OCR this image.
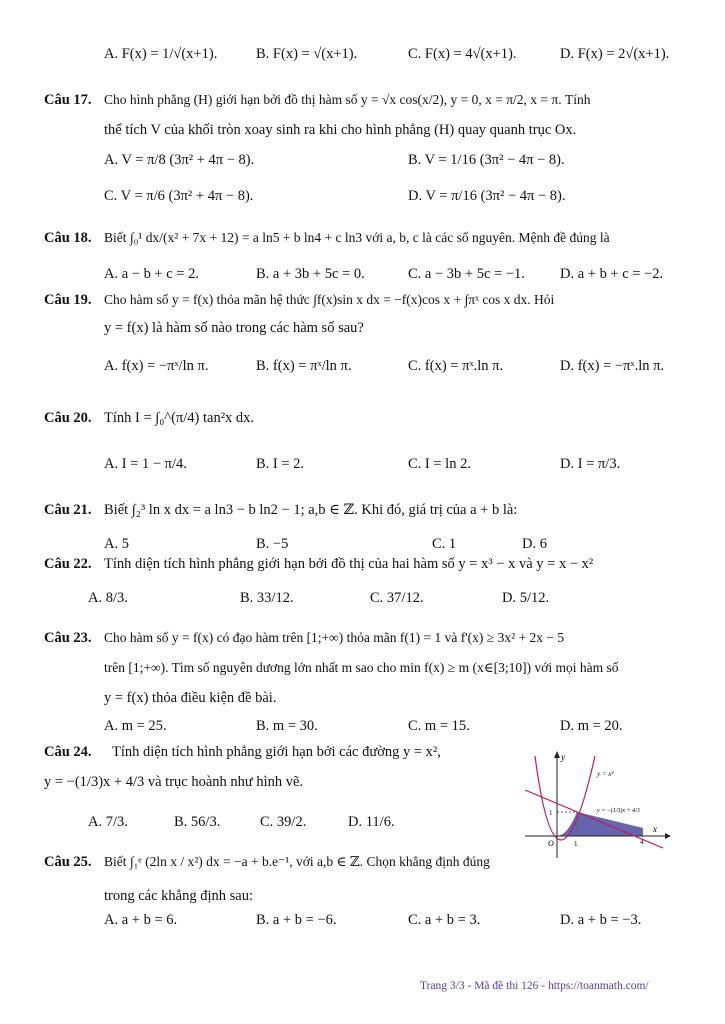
A. F(x) = 1/√(x+1).	B. F(x) = √(x+1).	C. F(x) = 4√(x+1).	D. F(x) = 2√(x+1).
Câu 17. Cho hình phẳng (H) giới hạn bởi đồ thị hàm số y = √x cos(x/2), y = 0, x = π/2, x = π. Tính
thể tích V của khối tròn xoay sinh ra khi cho hình phẳng (H) quay quanh trục Ox.
A. V = π/8 (3π² + 4π − 8).	B. V = 1/16 (3π² − 4π − 8).
C. V = π/6 (3π² + 4π − 8).	D. V = π/16 (3π² − 4π − 8).
Câu 18. Biết ∫₀¹ dx/(x² + 7x + 12) = a ln5 + b ln4 + c ln3 với a, b, c là các số nguyên. Mệnh đề đúng là
A. a − b + c = 2.	B. a + 3b + 5c = 0.	C. a − 3b + 5c = −1. D. a + b + c = −2.
Câu 19. Cho hàm số y = f(x) thỏa mãn hệ thức ∫f(x)sin x dx = −f(x)cos x + ∫πˣ cos x dx. Hỏi
y = f(x) là hàm số nào trong các hàm số sau?
A. f(x) = −πˣ/ln π.	B. f(x) = πˣ/ln π.	C. f(x) = πˣ.ln π.	D. f(x) = −πˣ.ln π.
Câu 20. Tính I = ∫₀^(π/4) tan²x dx.
A. I = 1 − π/4.	B. I = 2.	C. I = ln 2.	D. I = π/3.
Câu 21. Biết ∫₂³ ln x dx = a ln3 − b ln2 − 1; a,b ∈ ℤ. Khi đó, giá trị của a + b là:
A. 5	B. −5	C. 1	D. 6
Câu 22. Tính diện tích hình phẳng giới hạn bởi đồ thị của hai hàm số y = x³ − x và y = x − x²
A. 8/3.	B. 33/12.	C. 37/12.	D. 5/12.
Câu 23. Cho hàm số y = f(x) có đạo hàm trên [1;+∞) thỏa mãn f(1) = 1 và f'(x) ≥ 3x² + 2x − 5
trên [1;+∞). Tìm số nguyên dương lớn nhất m sao cho min f(x) ≥ m (x∈[3;10]) với mọi hàm số
y = f(x) thỏa điều kiện đề bài.
A. m = 25.	B. m = 30.	C. m = 15.	D. m = 20.
Câu 24. Tính diện tích hình phẳng giới hạn bởi các đường y = x²,
y = −(1/3)x + 4/3 và trục hoành như hình vẽ.
A. 7/3.	B. 56/3.	C. 39/2.	D. 11/6.
y
x
O	1	4
1
y = x²
y = −(1/3)x + 4/3
Câu 25. Biết ∫₁ᵉ (2ln x / x²) dx = −a + b.e⁻¹, với a,b ∈ ℤ. Chọn khẳng định đúng
trong các khẳng định sau:
A. a + b = 6.	B. a + b = −6.	C. a + b = 3.	D. a + b = −3.
Trang 3/3 - Mã đề thi 126 - https://toanmath.com/
